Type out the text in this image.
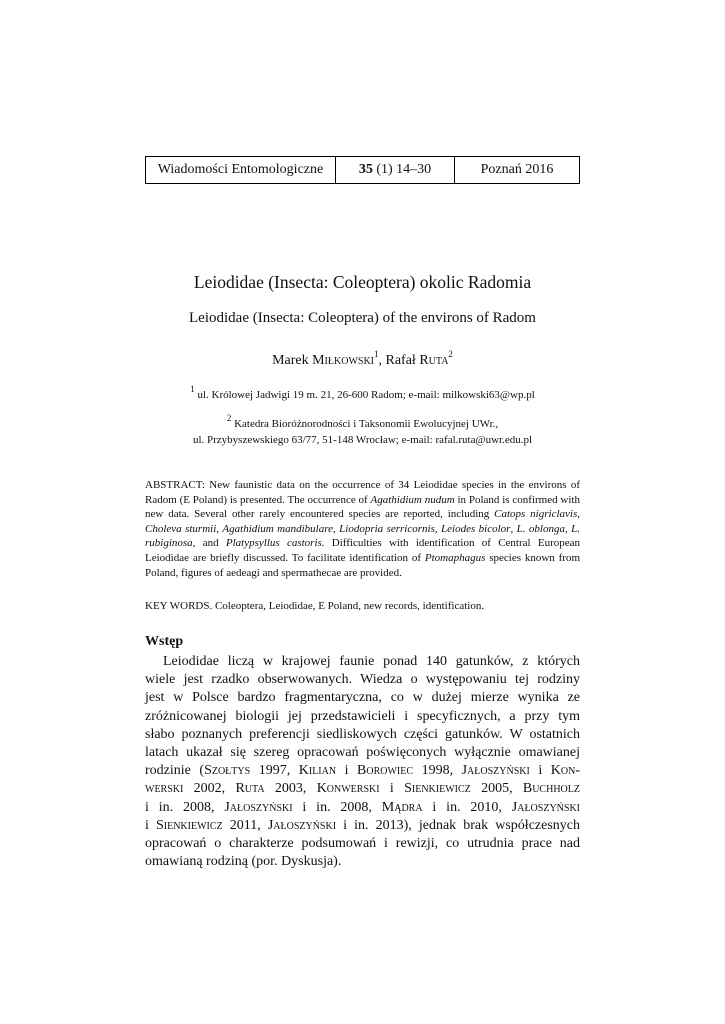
Wiadomości Entomologiczne	35 (1) 14–30	Poznań 2016
Leiodidae (Insecta: Coleoptera) okolic Radomia
Leiodidae (Insecta: Coleoptera) of the environs of Radom
Marek Miłkowski$^1$, Rafał Ruta$^2$
$^1$ ul. Królowej Jadwigi 19 m. 21, 26-600 Radom; e-mail: milkowski63@wp.pl
$^2$ Katedra Bioróżnorodności i Taksonomii Ewolucyjnej UWr.,
ul. Przybyszewskiego 63/77, 51-148 Wrocław; e-mail: rafal.ruta@uwr.edu.pl

ABSTRACT: New faunistic data on the occurrence of 34 Leiodidae species in the environs of Radom (E Poland) is presented. The occurrence of Agathidium nudum in Poland is confirmed with new data. Several other rarely encountered species are reported, including Catops nigriclavis, Choleva sturmii, Agathidium mandibulare, Liodopria serricornis, Leiodes bicolor, L. oblonga, L. rubiginosa, and Platypsyllus castoris. Difficulties with identification of Central European Leiodidae are briefly discussed. To facilitate identification of Ptomaphagus species known from Poland, figures of aedeagi and spermathecae are provided.

KEY WORDS. Coleoptera, Leiodidae, E Poland, new records, identification.
Wstęp
Leiodidae liczą w krajowej faunie ponad 140 gatunków, z których
wiele jest rzadko obserwowanych. Wiedza o występowaniu tej rodziny
jest w Polsce bardzo fragmentaryczna, co w dużej mierze wynika ze
zróżnicowanej biologii jej przedstawicieli i specyficznych, a przy tym
słabo poznanych preferencji siedliskowych części gatunków. W ostatnich
latach ukazał się szereg opracowań poświęconych wyłącznie omawianej
rodzinie (Szołtys 1997, Kilian i Borowiec 1998, Jałoszyński i Kon-
werski 2002, Ruta 2003, Konwerski i Sienkiewicz 2005, Buchholz
i in. 2008, Jałoszyński i in. 2008, Mądra i in. 2010, Jałoszyński
i Sienkiewicz 2011, Jałoszyński i in. 2013), jednak brak współczesnych
opracowań o charakterze podsumowań i rewizji, co utrudnia prace nad
omawianą rodziną (por. Dyskusja).
